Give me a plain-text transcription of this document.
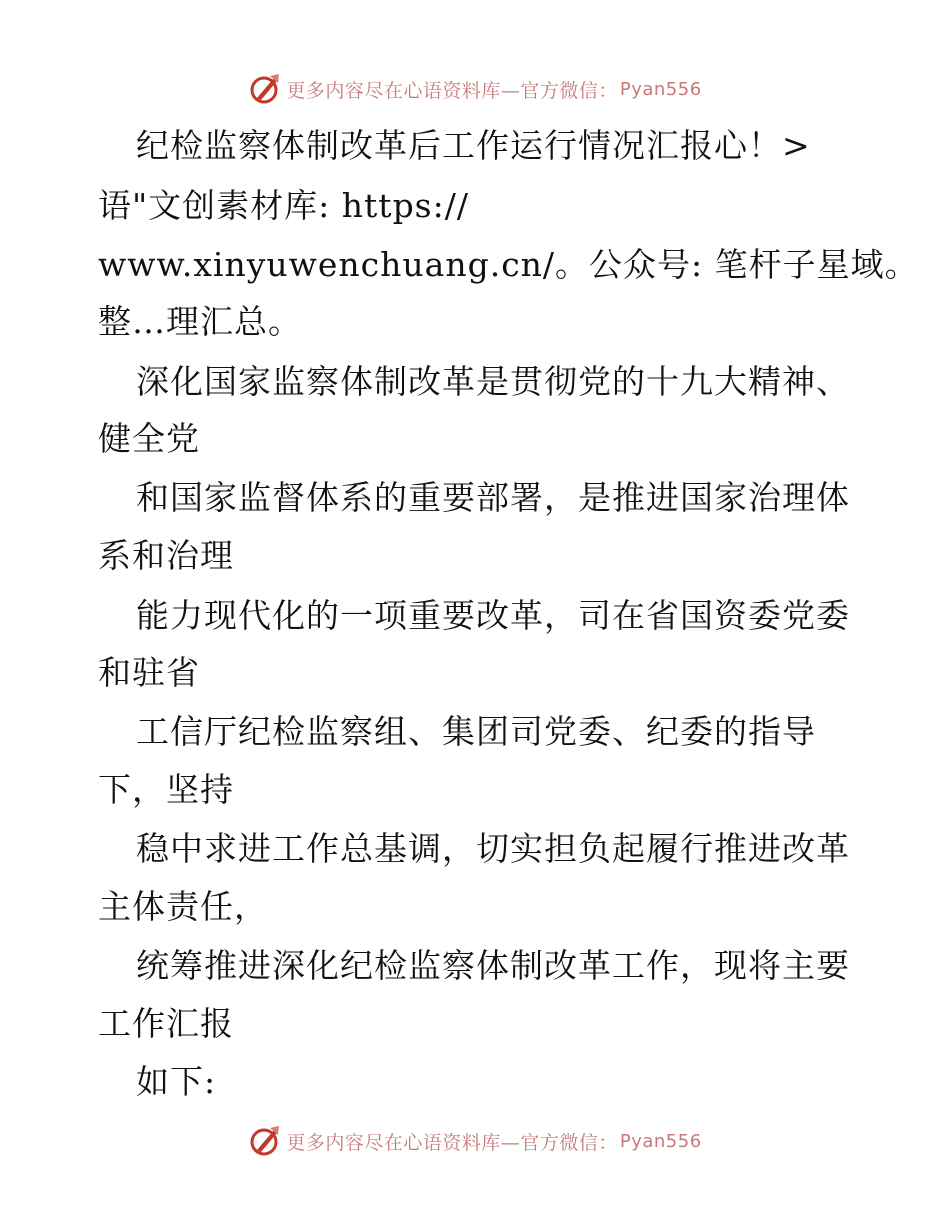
更多内容尽在心语资料库—官方微信： Pyan556
纪检监察体制改革后工作运行情况汇报心！>
语"文创素材库: https://
www.xinyuwenchuang.cn/。公众号: 笔杆子星域。
整…理汇总。
深化国家监察体制改革是贯彻党的十九大精神、
健全党
和国家监督体系的重要部署，是推进国家治理体
系和治理
能力现代化的一项重要改革，司在省国资委党委
和驻省
工信厅纪检监察组、集团司党委、纪委的指导
下，坚持
稳中求进工作总基调，切实担负起履行推进改革
主体责任，
统筹推进深化纪检监察体制改革工作，现将主要
工作汇报
如下:
更多内容尽在心语资料库—官方微信： Pyan556
